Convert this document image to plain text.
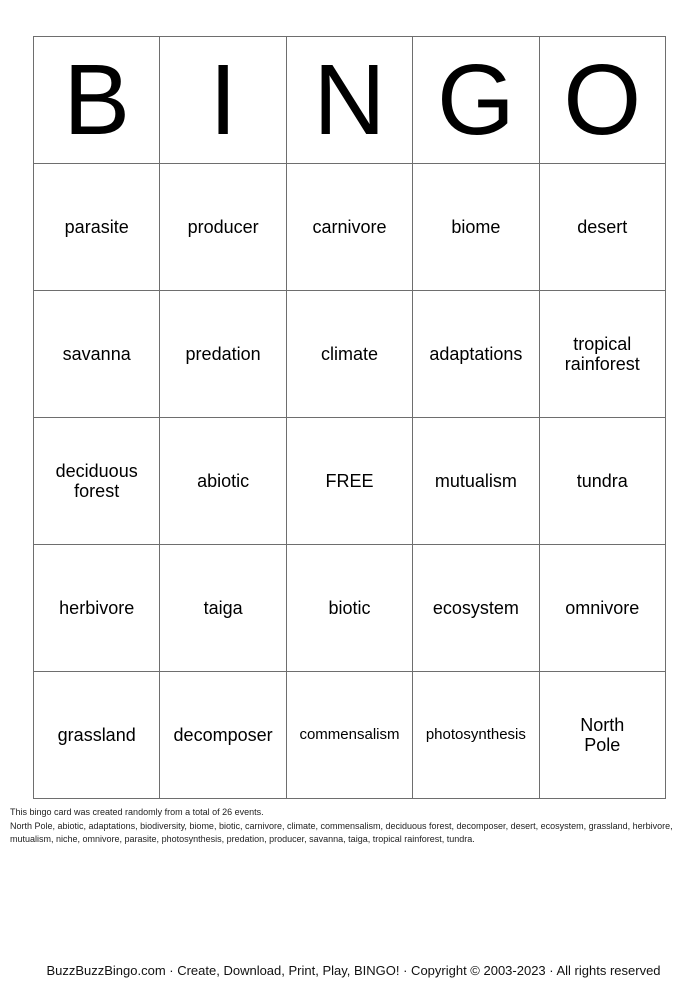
B	I	N	G	O
parasite	producer	carnivore	biome	desert
savanna	predation	climate	adaptations	tropical rainforest
deciduous forest	abiotic	FREE	mutualism	tundra
herbivore	taiga	biotic	ecosystem	omnivore
grassland	decomposer	commensalism	photosynthesis	North Pole

This bingo card was created randomly from a total of 26 events.

North Pole, abiotic, adaptations, biodiversity, biome, biotic, carnivore, climate, commensalism, deciduous forest, decomposer, desert, ecosystem, grassland, herbivore, mutualism, niche, omnivore, parasite, photosynthesis, predation, producer, savanna, taiga, tropical rainforest, tundra.

BuzzBuzzBingo.com · Create, Download, Print, Play, BINGO! · Copyright © 2003-2023 · All rights reserved
